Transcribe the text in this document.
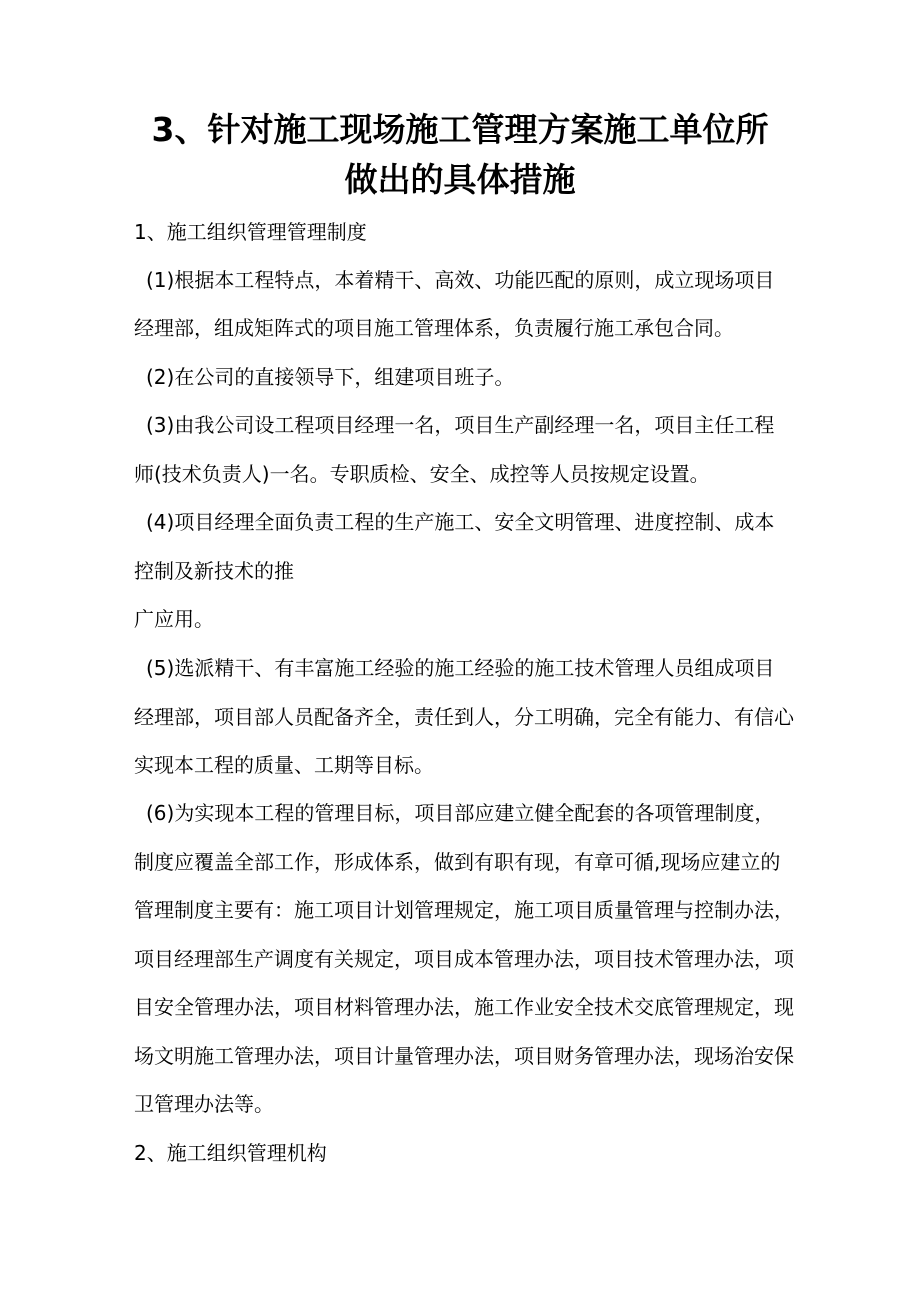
3、针对施工现场施工管理方案施工单位所
做出的具体措施

1、施工组织管理管理制度

(1)根据本工程特点，本着精干、高效、功能匹配的原则，成立现场项目

经理部，组成矩阵式的项目施工管理体系，负责履行施工承包合同。

(2)在公司的直接领导下，组建项目班子。

(3)由我公司设工程项目经理一名，项目生产副经理一名，项目主任工程

师(技术负责人)一名。专职质检、安全、成控等人员按规定设置。

(4)项目经理全面负责工程的生产施工、安全文明管理、进度控制、成本

控制及新技术的推

广应用。

(5)选派精干、有丰富施工经验的施工经验的施工技术管理人员组成项目

经理部，项目部人员配备齐全，责任到人，分工明确，完全有能力、有信心

实现本工程的质量、工期等目标。

(6)为实现本工程的管理目标，项目部应建立健全配套的各项管理制度，

制度应覆盖全部工作，形成体系，做到有职有现，有章可循,现场应建立的

管理制度主要有：施工项目计划管理规定，施工项目质量管理与控制办法，

项目经理部生产调度有关规定，项目成本管理办法，项目技术管理办法，项

目安全管理办法，项目材料管理办法，施工作业安全技术交底管理规定，现

场文明施工管理办法，项目计量管理办法，项目财务管理办法，现场治安保

卫管理办法等。

2、施工组织管理机构
